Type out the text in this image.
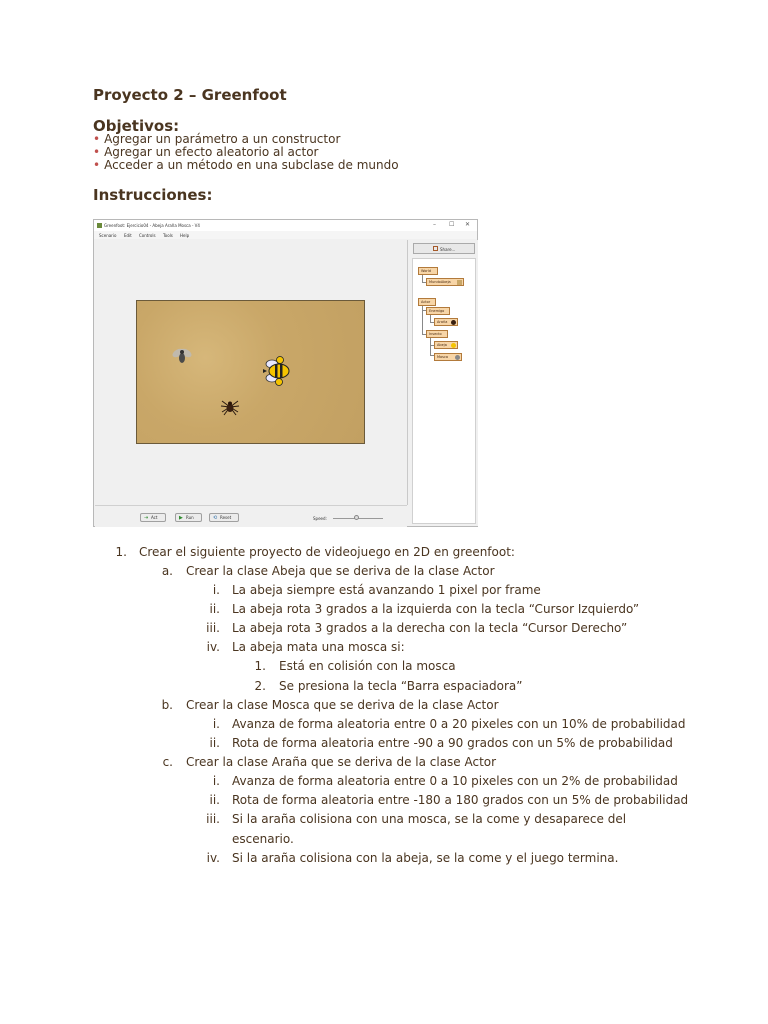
Proyecto 2 – Greenfoot
Objetivos:
• Agregar un parámetro a un constructor
• Agregar un efecto aleatorio al actor
• Acceder a un método en una subclase de mundo
Instrucciones:
Greenfoot: Ejercicio04 - Abeja Araña Mosca - V4	– ☐ ✕
Scenario Edit Controls Tools Help
Share...
World
MundoAbeja
Actor
Enemigo
Araña
Insecto
Abeja
Mosca
⇥ Act	▶ Run	⟲ Reset	Speed:
1. Crear el siguiente proyecto de videojuego en 2D en greenfoot:
a. Crear la clase Abeja que se deriva de la clase Actor
i. La abeja siempre está avanzando 1 pixel por frame
ii. La abeja rota 3 grados a la izquierda con la tecla “Cursor Izquierdo”
iii. La abeja rota 3 grados a la derecha con la tecla “Cursor Derecho”
iv. La abeja mata una mosca si:
1. Está en colisión con la mosca
2. Se presiona la tecla “Barra espaciadora”
b. Crear la clase Mosca que se deriva de la clase Actor
i. Avanza de forma aleatoria entre 0 a 20 pixeles con un 10% de probabilidad
ii. Rota de forma aleatoria entre -90 a 90 grados con un 5% de probabilidad
c. Crear la clase Araña que se deriva de la clase Actor
i. Avanza de forma aleatoria entre 0 a 10 pixeles con un 2% de probabilidad
ii. Rota de forma aleatoria entre -180 a 180 grados con un 5% de probabilidad
iii. Si la araña colisiona con una mosca, se la come y desaparece del
escenario.
iv. Si la araña colisiona con la abeja, se la come y el juego termina.
